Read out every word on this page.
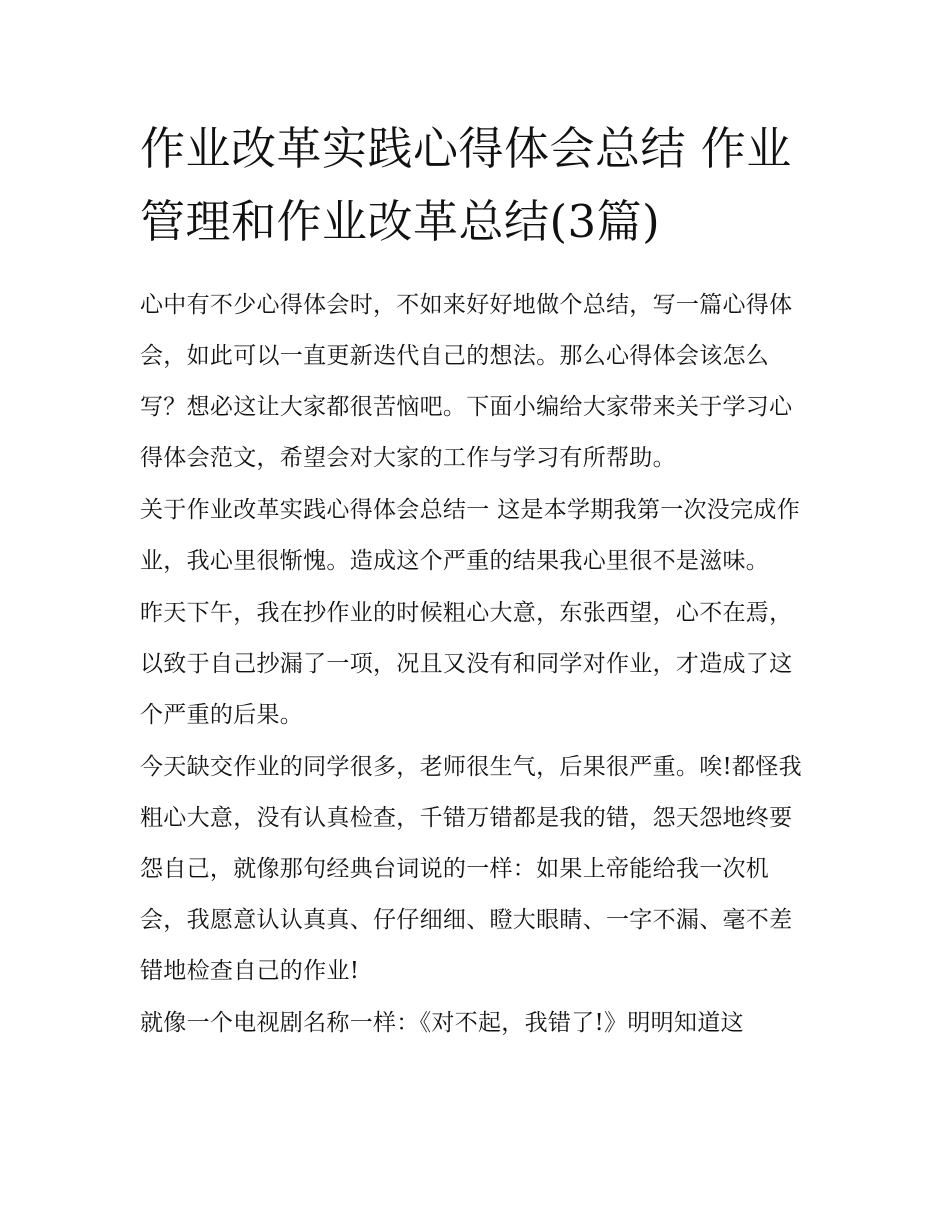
作业改革实践心得体会总结 作业管理和作业改革总结(3篇)

心中有不少心得体会时，不如来好好地做个总结，写一篇心得体会，如此可以一直更新迭代自己的想法。那么心得体会该怎么写？想必这让大家都很苦恼吧。下面小编给大家带来关于学习心得体会范文，希望会对大家的工作与学习有所帮助。

关于作业改革实践心得体会总结一 这是本学期我第一次没完成作业，我心里很惭愧。造成这个严重的结果我心里很不是滋味。

昨天下午，我在抄作业的时候粗心大意，东张西望，心不在焉，以致于自己抄漏了一项，况且又没有和同学对作业，才造成了这个严重的后果。

今天缺交作业的同学很多，老师很生气，后果很严重。唉!都怪我粗心大意，没有认真检查，千错万错都是我的错，怨天怨地终要怨自己，就像那句经典台词说的一样：如果上帝能给我一次机会，我愿意认认真真、仔仔细细、瞪大眼睛、一字不漏、毫不差错地检查自己的作业!

就像一个电视剧名称一样：《对不起，我错了!》明明知道这
